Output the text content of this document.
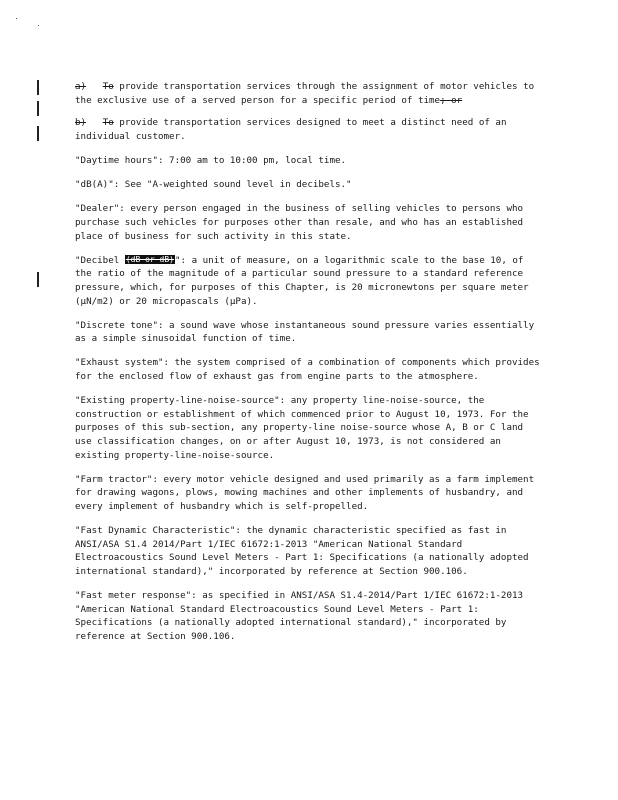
a) To provide transportation services through the assignment of motor vehicles to the exclusive use of a served person for a specific period of time; or

b) To provide transportation services designed to meet a distinct need of an individual customer.

"Daytime hours": 7:00 am to 10:00 pm, local time.

"dB(A)": See "A-weighted sound level in decibels."

"Dealer": every person engaged in the business of selling vehicles to persons who purchase such vehicles for purposes other than resale, and who has an established place of business for such activity in this state.

"Decibel (dB or dB)": a unit of measure, on a logarithmic scale to the base 10, of the ratio of the magnitude of a particular sound pressure to a standard reference pressure, which, for purposes of this Chapter, is 20 micronewtons per square meter (μN/m2) or 20 micropascals (μPa).

"Discrete tone": a sound wave whose instantaneous sound pressure varies essentially as a simple sinusoidal function of time.

"Exhaust system": the system comprised of a combination of components which provides for the enclosed flow of exhaust gas from engine parts to the atmosphere.

"Existing property-line-noise-source": any property line-noise-source, the construction or establishment of which commenced prior to August 10, 1973. For the purposes of this sub-section, any property-line noise-source whose A, B or C land use classification changes, on or after August 10, 1973, is not considered an existing property-line-noise-source.

"Farm tractor": every motor vehicle designed and used primarily as a farm implement for drawing wagons, plows, mowing machines and other implements of husbandry, and every implement of husbandry which is self-propelled.

"Fast Dynamic Characteristic": the dynamic characteristic specified as fast in ANSI/ASA S1.4 2014/Part 1/IEC 61672:1-2013 "American National Standard Electroacoustics Sound Level Meters - Part 1: Specifications (a nationally adopted international standard)," incorporated by reference at Section 900.106.

"Fast meter response": as specified in ANSI/ASA S1.4-2014/Part 1/IEC 61672:1-2013 "American National Standard Electroacoustics Sound Level Meters - Part 1: Specifications (a nationally adopted international standard)," incorporated by reference at Section 900.106.
